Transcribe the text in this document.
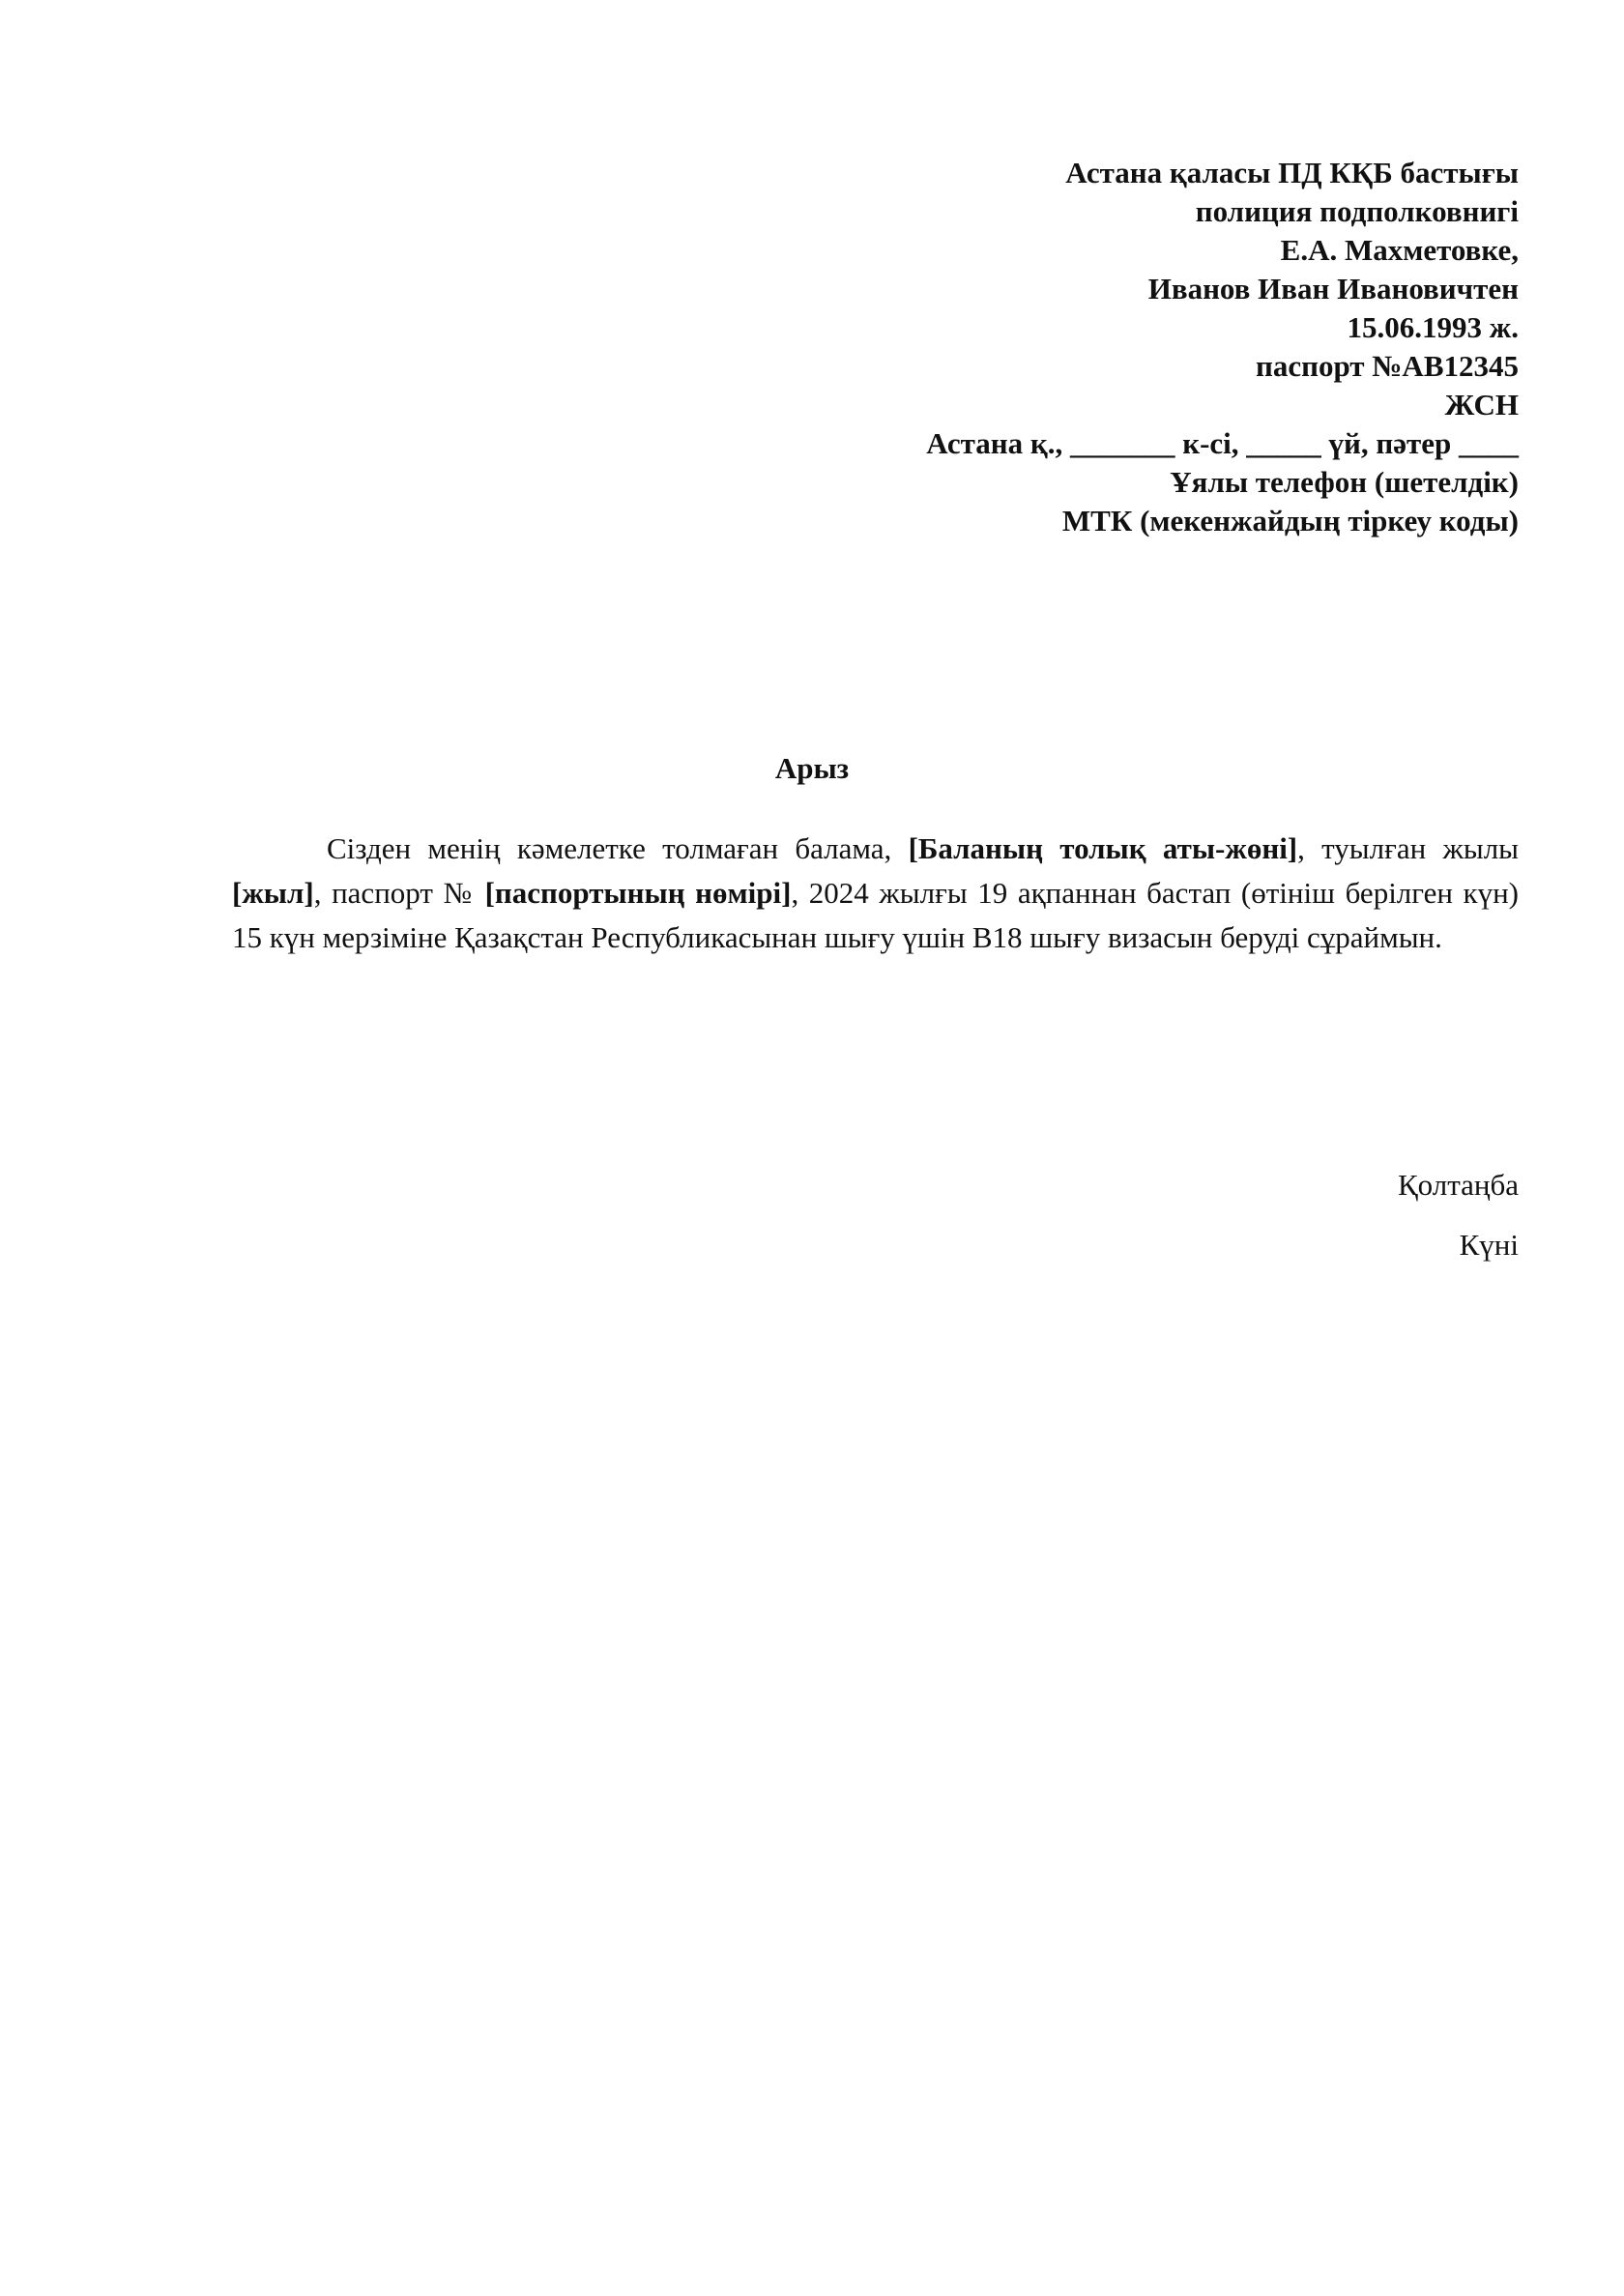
Астана қаласы ПД КҚБ бастығы
полиция подполковнигі
Е.А. Махметовке,
Иванов Иван Ивановичтен
15.06.1993 ж.
паспорт №AB12345
ЖСН
Астана қ., _______ к-сі, _____ үй, пәтер ____
Ұялы телефон (шетелдік)
МТК (мекенжайдың тіркеу коды)
Арыз
Сізден менің кәмелетке толмаған балама, [Баланың толық аты-жөні], туылған жылы [жыл], паспорт № [паспортының нөмірі], 2024 жылғы 19 ақпаннан бастап (өтініш берілген күн) 15 күн мерзіміне Қазақстан Республикасынан шығу үшін B18 шығу визасын беруді сұраймын.
Қолтаңба
Күні
